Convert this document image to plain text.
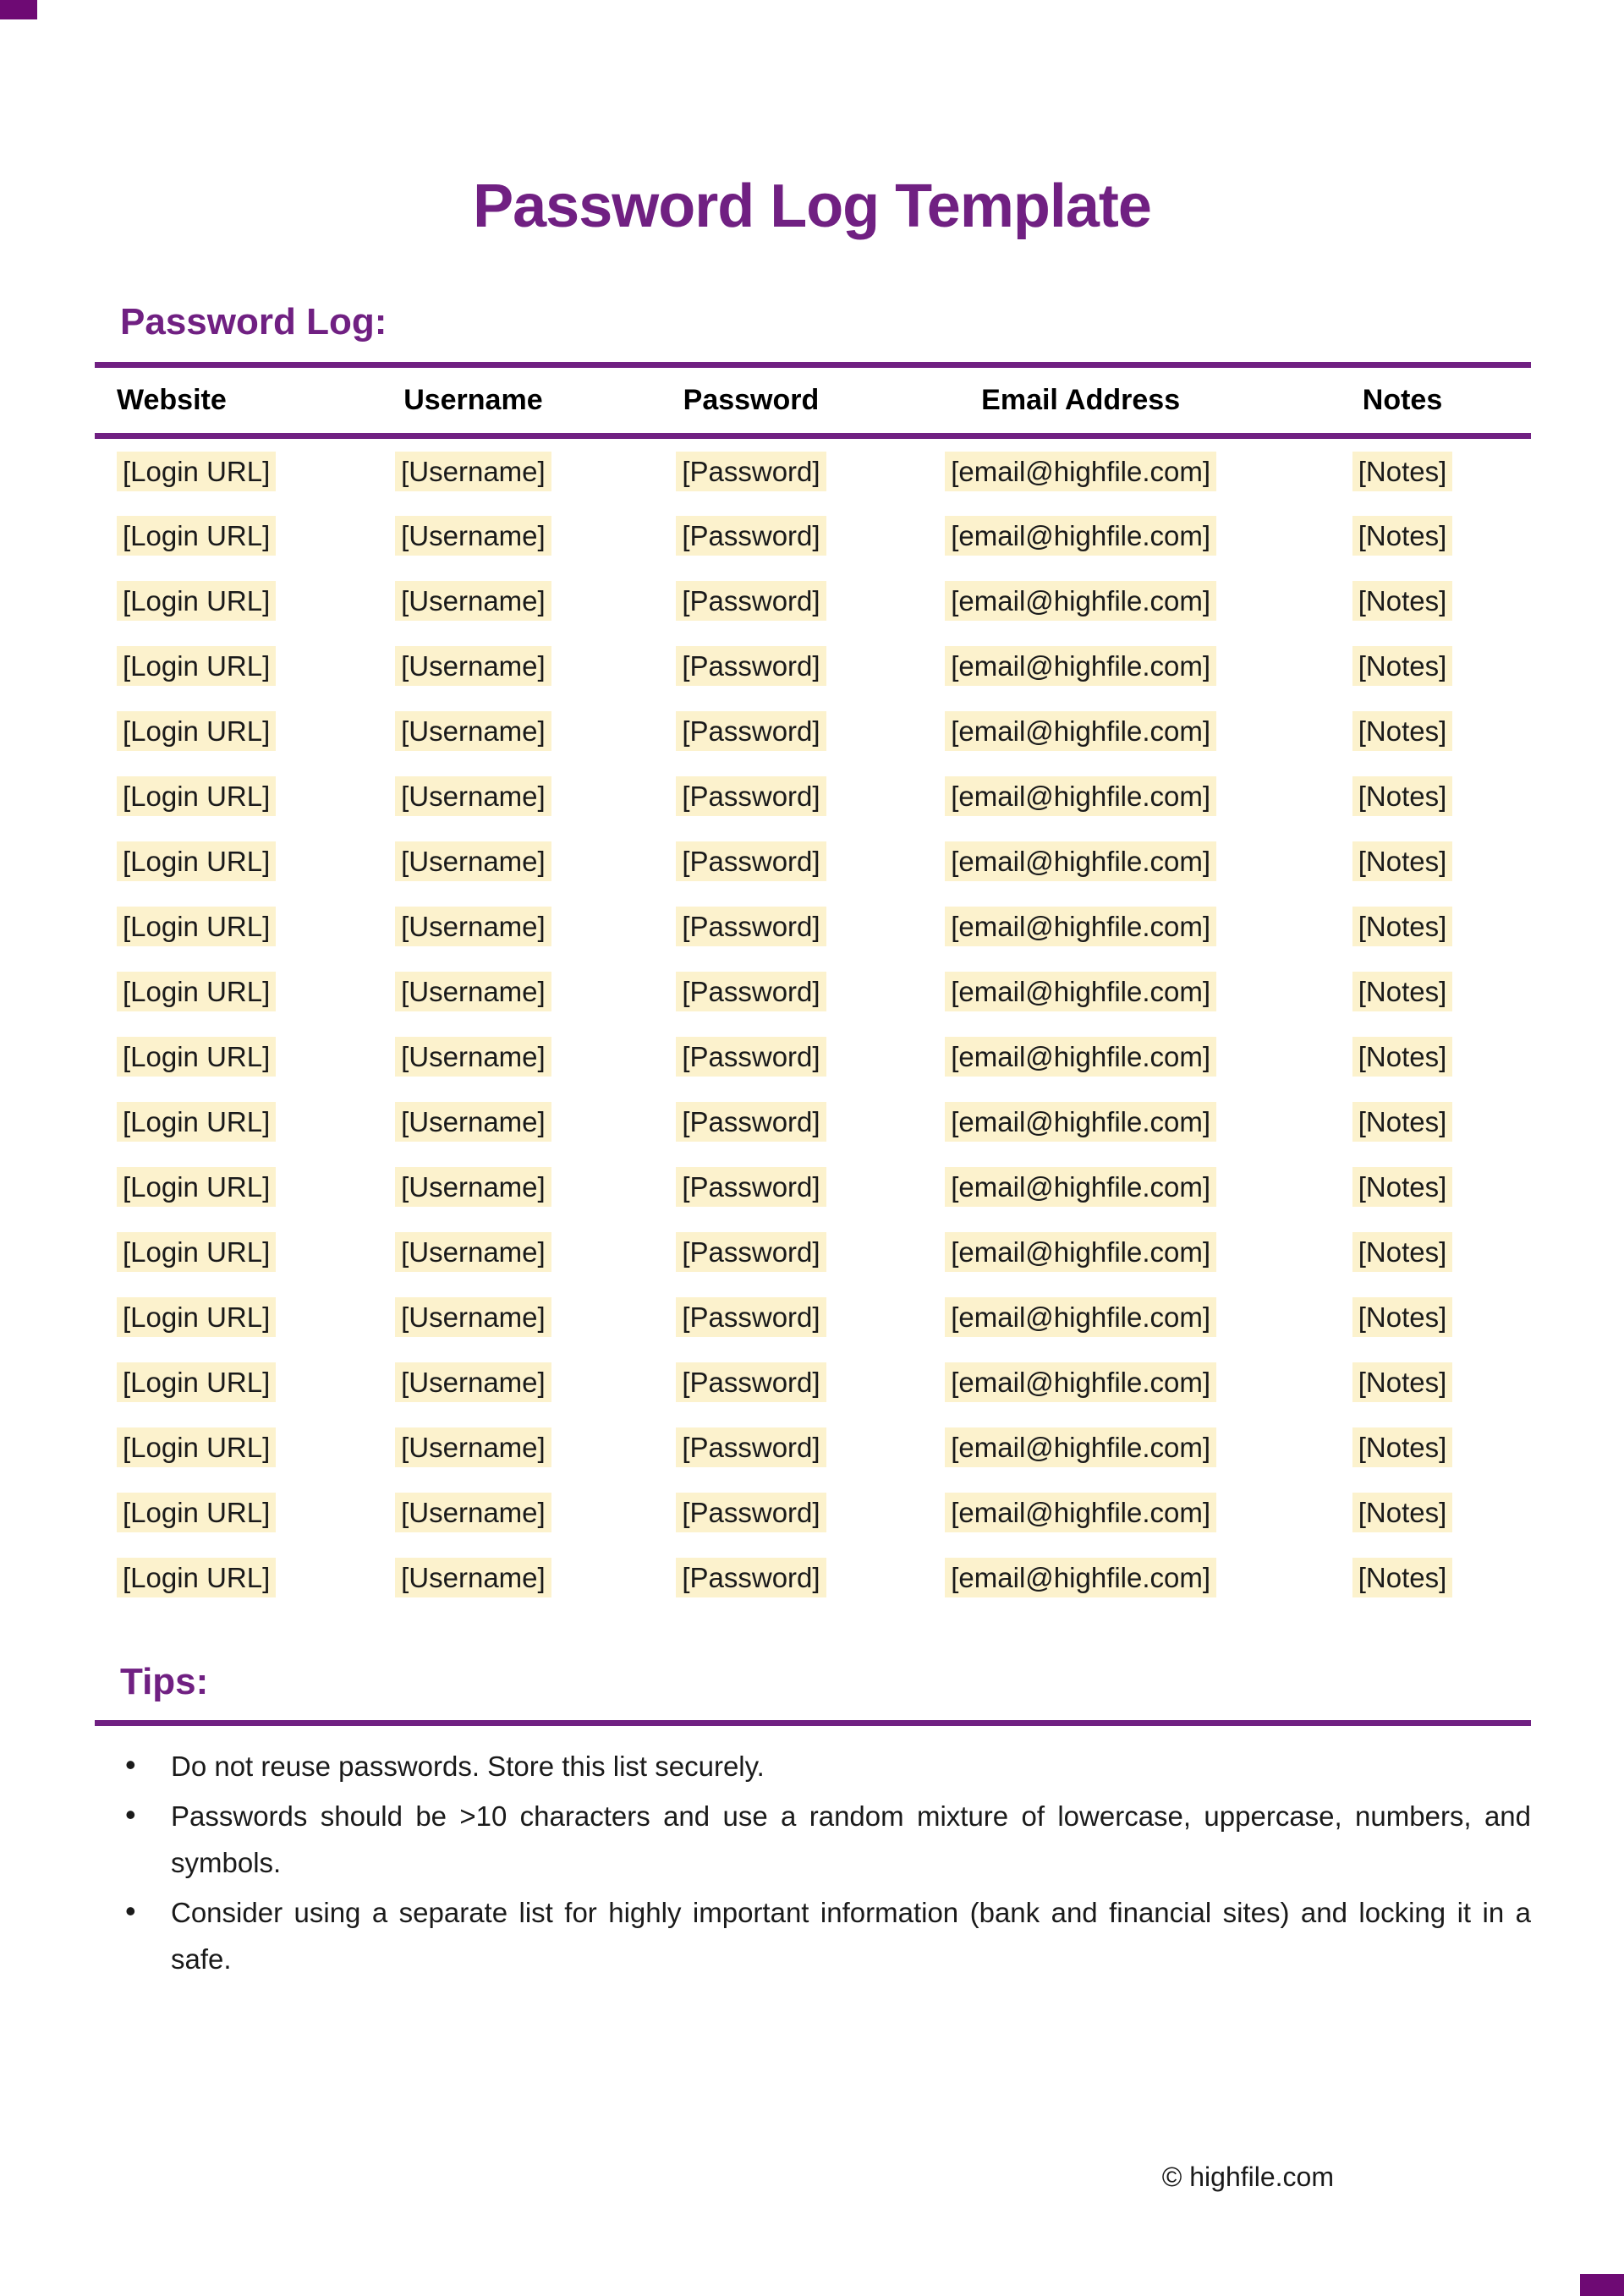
Password Log Template
Password Log:
Website	Username	Password	Email Address	Notes
[Login URL]	[Username]	[Password]	[email@highfile.com]	[Notes]
[Login URL]	[Username]	[Password]	[email@highfile.com]	[Notes]
[Login URL]	[Username]	[Password]	[email@highfile.com]	[Notes]
[Login URL]	[Username]	[Password]	[email@highfile.com]	[Notes]
[Login URL]	[Username]	[Password]	[email@highfile.com]	[Notes]
[Login URL]	[Username]	[Password]	[email@highfile.com]	[Notes]
[Login URL]	[Username]	[Password]	[email@highfile.com]	[Notes]
[Login URL]	[Username]	[Password]	[email@highfile.com]	[Notes]
[Login URL]	[Username]	[Password]	[email@highfile.com]	[Notes]
[Login URL]	[Username]	[Password]	[email@highfile.com]	[Notes]
[Login URL]	[Username]	[Password]	[email@highfile.com]	[Notes]
[Login URL]	[Username]	[Password]	[email@highfile.com]	[Notes]
[Login URL]	[Username]	[Password]	[email@highfile.com]	[Notes]
[Login URL]	[Username]	[Password]	[email@highfile.com]	[Notes]
[Login URL]	[Username]	[Password]	[email@highfile.com]	[Notes]
[Login URL]	[Username]	[Password]	[email@highfile.com]	[Notes]
[Login URL]	[Username]	[Password]	[email@highfile.com]	[Notes]
[Login URL]	[Username]	[Password]	[email@highfile.com]	[Notes]
Tips:
• Do not reuse passwords. Store this list securely.
• Passwords should be >10 characters and use a random mixture of lowercase, uppercase, numbers, and symbols.
• Consider using a separate list for highly important information (bank and financial sites) and locking it in a safe.
© highfile.com
